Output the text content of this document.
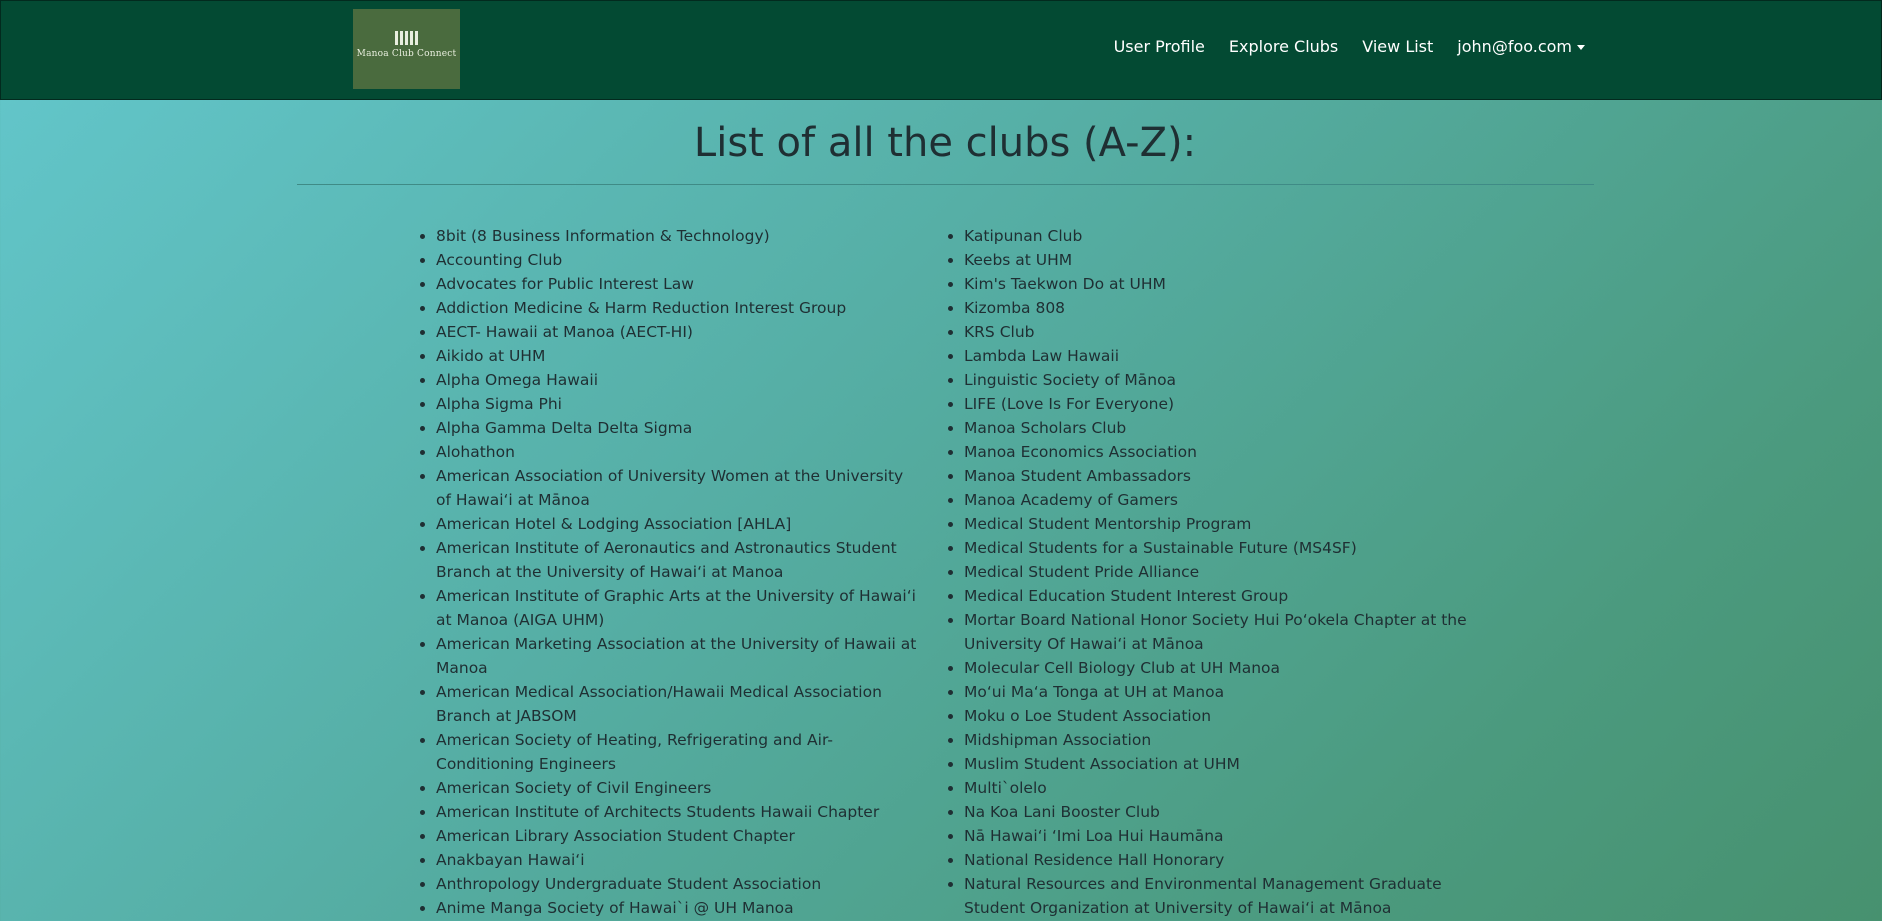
Manoa Club Connect	User Profile Explore Clubs View List john@foo.com
List of all the clubs (A-Z):
• 8bit (8 Business Information & Technology)
• Accounting Club
• Advocates for Public Interest Law
• Addiction Medicine & Harm Reduction Interest Group
• AECT- Hawaii at Manoa (AECT-HI)
• Aikido at UHM
• Alpha Omega Hawaii
• Alpha Sigma Phi
• Alpha Gamma Delta Delta Sigma
• Alohathon
• American Association of University Women at the University of Hawai‘i at Mānoa
• American Hotel & Lodging Association [AHLA]
• American Institute of Aeronautics and Astronautics Student Branch at the University of Hawai‘i at Manoa
• American Institute of Graphic Arts at the University of Hawai‘i at Manoa (AIGA UHM)
• American Marketing Association at the University of Hawaii at Manoa
• American Medical Association/Hawaii Medical Association Branch at JABSOM
• American Society of Heating, Refrigerating and Air-Conditioning Engineers
• American Society of Civil Engineers
• American Institute of Architects Students Hawaii Chapter
• American Library Association Student Chapter
• Anakbayan Hawai‘i
• Anthropology Undergraduate Student Association
• Anime Manga Society of Hawai`i @ UH Manoa
• Katipunan Club
• Keebs at UHM
• Kim's Taekwon Do at UHM
• Kizomba 808
• KRS Club
• Lambda Law Hawaii
• Linguistic Society of Mānoa
• LIFE (Love Is For Everyone)
• Manoa Scholars Club
• Manoa Economics Association
• Manoa Student Ambassadors
• Manoa Academy of Gamers
• Medical Student Mentorship Program
• Medical Students for a Sustainable Future (MS4SF)
• Medical Student Pride Alliance
• Medical Education Student Interest Group
• Mortar Board National Honor Society Hui Po‘okela Chapter at the University Of Hawai‘i at Mānoa
• Molecular Cell Biology Club at UH Manoa
• Mo‘ui Ma‘a Tonga at UH at Manoa
• Moku o Loe Student Association
• Midshipman Association
• Muslim Student Association at UHM
• Multi`olelo
• Na Koa Lani Booster Club
• Nā Hawai‘i ‘Imi Loa Hui Haumāna
• National Residence Hall Honorary
• Natural Resources and Environmental Management Graduate Student Organization at University of Hawai‘i at Mānoa
